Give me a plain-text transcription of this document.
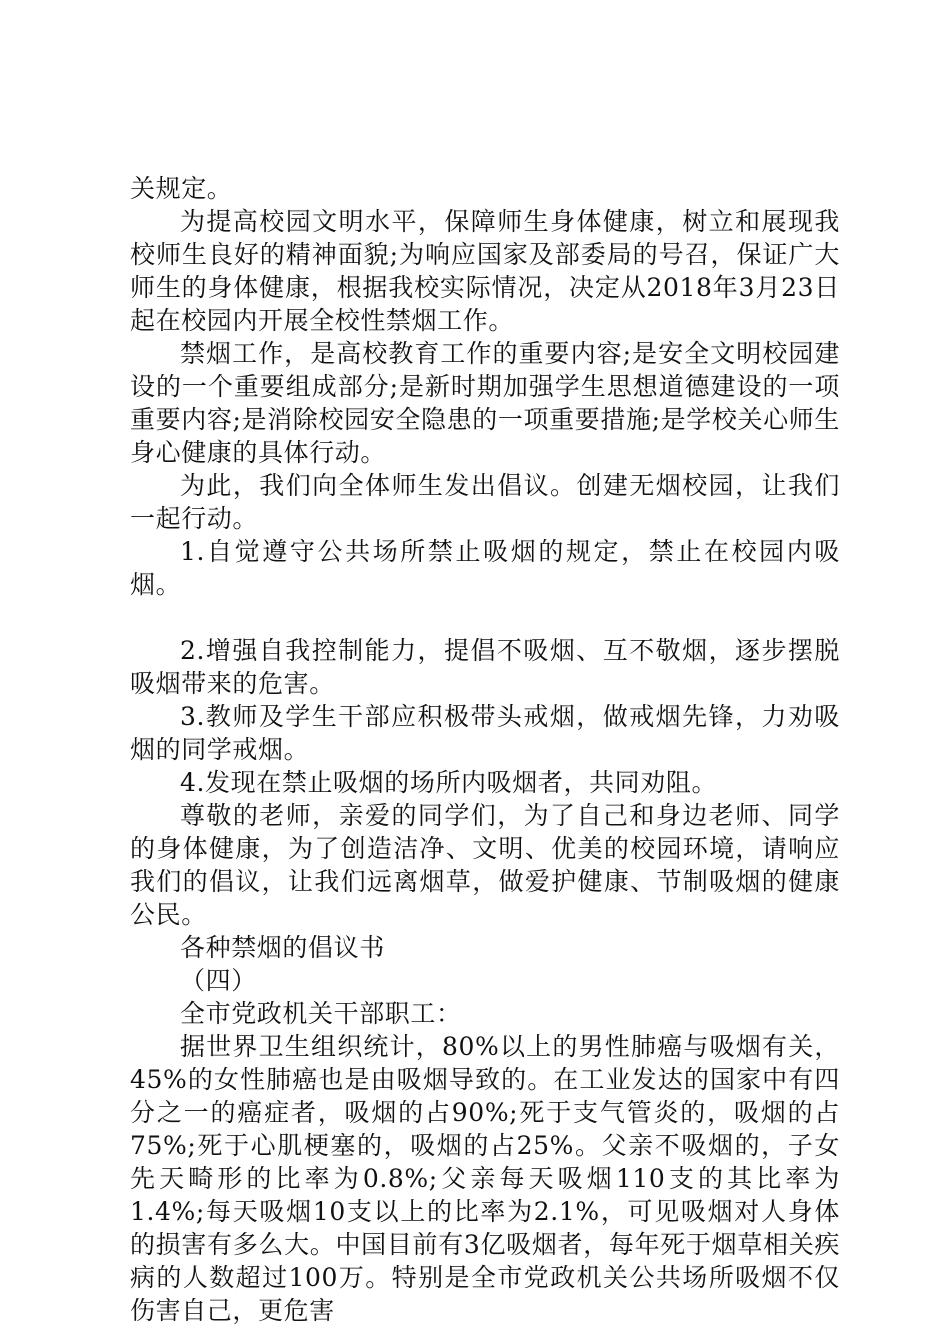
关规定。

为提高校园文明水平，保障师生身体健康，树立和展现我校师生良好的精神面貌;为响应国家及部委局的号召，保证广大师生的身体健康，根据我校实际情况，决定从2018年3月23日起在校园内开展全校性禁烟工作。

禁烟工作，是高校教育工作的重要内容;是安全文明校园建设的一个重要组成部分;是新时期加强学生思想道德建设的一项重要内容;是消除校园安全隐患的一项重要措施;是学校关心师生身心健康的具体行动。

为此，我们向全体师生发出倡议。创建无烟校园，让我们一起行动。

1.自觉遵守公共场所禁止吸烟的规定，禁止在校园内吸烟。

2.增强自我控制能力，提倡不吸烟、互不敬烟，逐步摆脱吸烟带来的危害。

3.教师及学生干部应积极带头戒烟，做戒烟先锋，力劝吸烟的同学戒烟。

4.发现在禁止吸烟的场所内吸烟者，共同劝阻。

尊敬的老师，亲爱的同学们，为了自己和身边老师、同学的身体健康，为了创造洁净、文明、优美的校园环境，请响应我们的倡议，让我们远离烟草，做爱护健康、节制吸烟的健康公民。

各种禁烟的倡议书

（四）

全市党政机关干部职工：

据世界卫生组织统计，80%以上的男性肺癌与吸烟有关，45%的女性肺癌也是由吸烟导致的。在工业发达的国家中有四分之一的癌症者，吸烟的占90%;死于支气管炎的，吸烟的占75%;死于心肌梗塞的，吸烟的占25%。父亲不吸烟的，子女先天畸形的比率为0.8%;父亲每天吸烟110支的其比率为1.4%;每天吸烟10支以上的比率为2.1%，可见吸烟对人身体的损害有多么大。中国目前有3亿吸烟者，每年死于烟草相关疾病的人数超过100万。特别是全市党政机关公共场所吸烟不仅伤害自己，更危害
